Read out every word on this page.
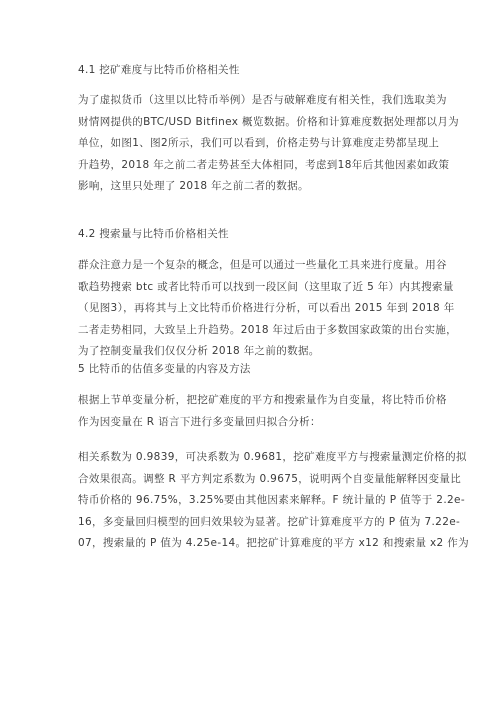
4.1 挖矿难度与比特币价格相关性
为了虚拟货币（这里以比特币举例）是否与破解难度有相关性，我们选取美为
财情网提供的BTC/USD Bitfinex 概览数据。价格和计算难度数据处理都以月为
单位，如图1、图2所示，我们可以看到，价格走势与计算难度走势都呈现上
升趋势，2018 年之前二者走势甚至大体相同，考虑到18年后其他因素如政策
影响，这里只处理了 2018 年之前二者的数据。
4.2 搜索量与比特币价格相关性
群众注意力是一个复杂的概念，但是可以通过一些量化工具来进行度量。用谷
歌趋势搜索 btc 或者比特币可以找到一段区间（这里取了近 5 年）内其搜索量
（见图3），再将其与上文比特币价格进行分析，可以看出 2015 年到 2018 年
二者走势相同，大致呈上升趋势。2018 年过后由于多数国家政策的出台实施，
为了控制变量我们仅仅分析 2018 年之前的数据。
5 比特币的估值多变量的内容及方法
根据上节单变量分析，把挖矿难度的平方和搜索量作为自变量，将比特币价格
作为因变量在 R 语言下进行多变量回归拟合分析：
相关系数为 0.9839，可决系数为 0.9681，挖矿难度平方与搜索量测定价格的拟
合效果很高。调整 R 平方判定系数为 0.9675，说明两个自变量能解释因变量比
特币价格的 96.75%，3.25%要由其他因素来解释。F 统计量的 P 值等于 2.2e-
16，多变量回归模型的回归效果较为显著。挖矿计算难度平方的 P 值为 7.22e-
07，搜索量的 P 值为 4.25e-14。把挖矿计算难度的平方 x12 和搜索量 x2 作为
